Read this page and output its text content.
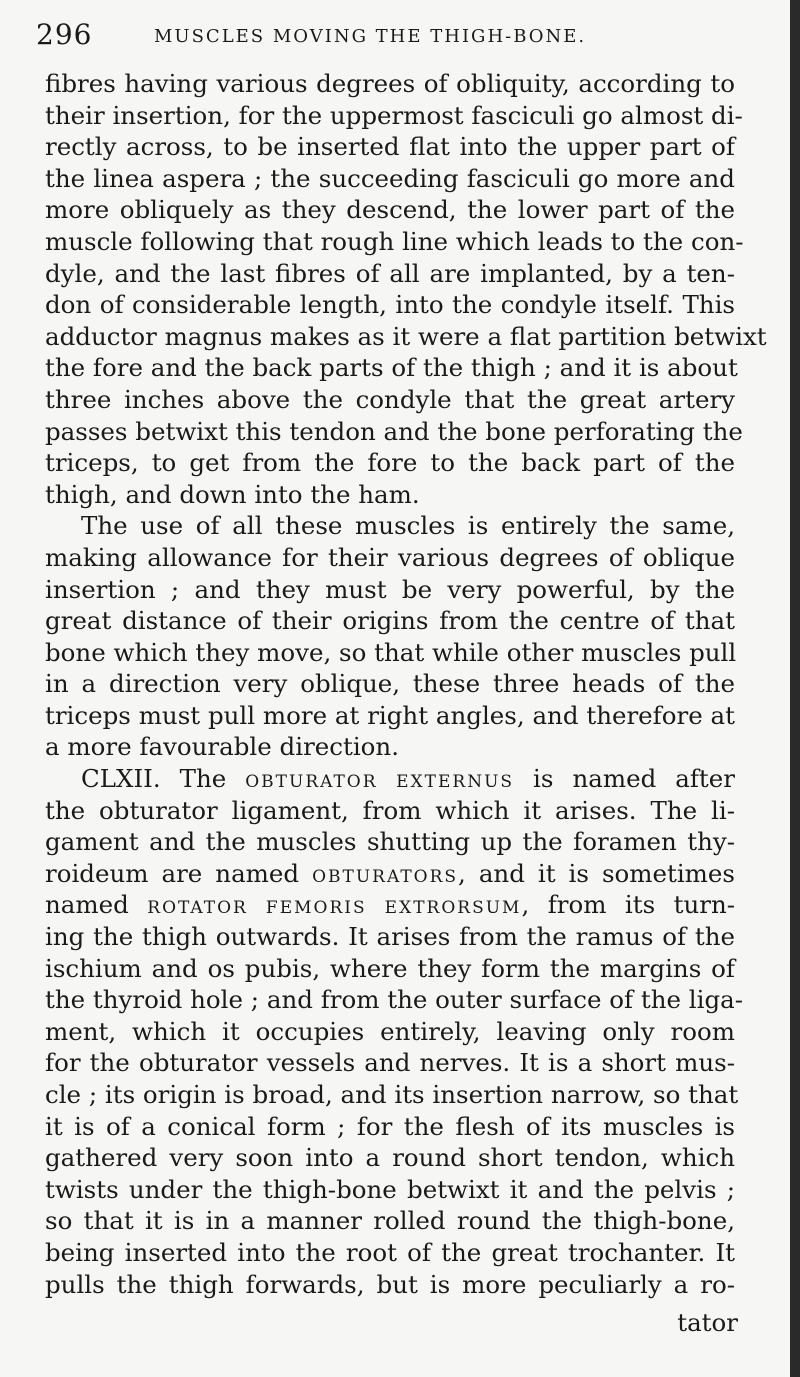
296	MUSCLES MOVING THE THIGH-BONE.
fibres having various degrees of obliquity, according to
their insertion, for the uppermost fasciculi go almost di-
rectly across, to be inserted flat into the upper part of
the linea aspera ; the succeeding fasciculi go more and
more obliquely as they descend, the lower part of the
muscle following that rough line which leads to the con-
dyle, and the last fibres of all are implanted, by a ten-
don of considerable length, into the condyle itself. This
adductor magnus makes as it were a flat partition betwixt
the fore and the back parts of the thigh ; and it is about
three inches above the condyle that the great artery
passes betwixt this tendon and the bone perforating the
triceps, to get from the fore to the back part of the
thigh, and down into the ham.
The use of all these muscles is entirely the same,
making allowance for their various degrees of oblique
insertion ; and they must be very powerful, by the
great distance of their origins from the centre of that
bone which they move, so that while other muscles pull
in a direction very oblique, these three heads of the
triceps must pull more at right angles, and therefore at
a more favourable direction.
CLXII. The OBTURATOR EXTERNUS is named after
the obturator ligament, from which it arises. The li-
gament and the muscles shutting up the foramen thy-
roideum are named OBTURATORS, and it is sometimes
named ROTATOR FEMORIS EXTRORSUM, from its turn-
ing the thigh outwards. It arises from the ramus of the
ischium and os pubis, where they form the margins of
the thyroid hole ; and from the outer surface of the liga-
ment, which it occupies entirely, leaving only room
for the obturator vessels and nerves. It is a short mus-
cle ; its origin is broad, and its insertion narrow, so that
it is of a conical form ; for the flesh of its muscles is
gathered very soon into a round short tendon, which
twists under the thigh-bone betwixt it and the pelvis ;
so that it is in a manner rolled round the thigh-bone,
being inserted into the root of the great trochanter. It
pulls the thigh forwards, but is more peculiarly a ro-
tator
